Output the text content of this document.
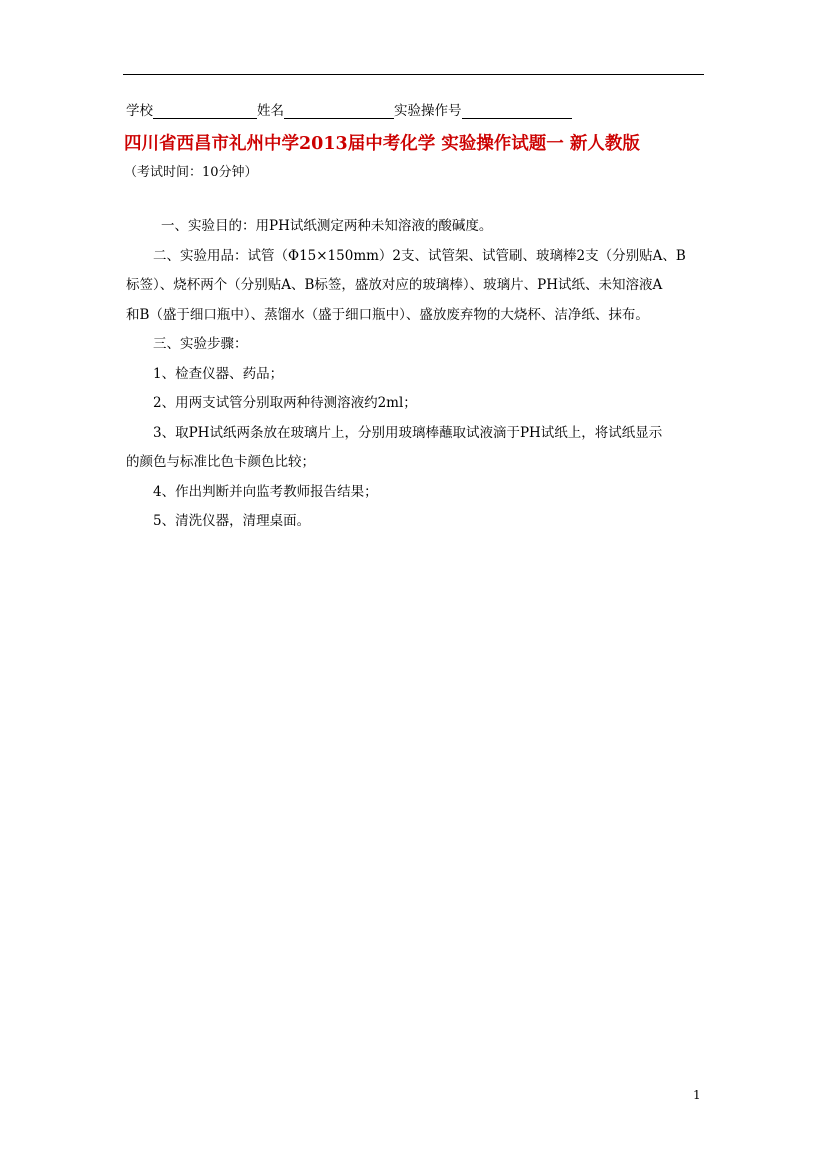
学校	姓名	实验操作号
四川省西昌市礼州中学2013届中考化学 实验操作试题一 新人教版
（考试时间：10分钟）

一、实验目的：用PH试纸测定两种未知溶液的酸碱度。

二、实验用品：试管（Φ15×150mm）2支、试管架、试管刷、玻璃棒2支（分别贴A、B

标签）、烧杯两个（分别贴A、B标签，盛放对应的玻璃棒）、玻璃片、PH试纸、未知溶液A

和B（盛于细口瓶中）、蒸馏水（盛于细口瓶中）、盛放废弃物的大烧杯、洁净纸、抹布。

三、实验步骤：

1、检查仪器、药品；

2、用两支试管分别取两种待测溶液约2ml；

3、取PH试纸两条放在玻璃片上，分别用玻璃棒蘸取试液滴于PH试纸上，将试纸显示

的颜色与标准比色卡颜色比较；

4、作出判断并向监考教师报告结果；

5、清洗仪器，清理桌面。

1
